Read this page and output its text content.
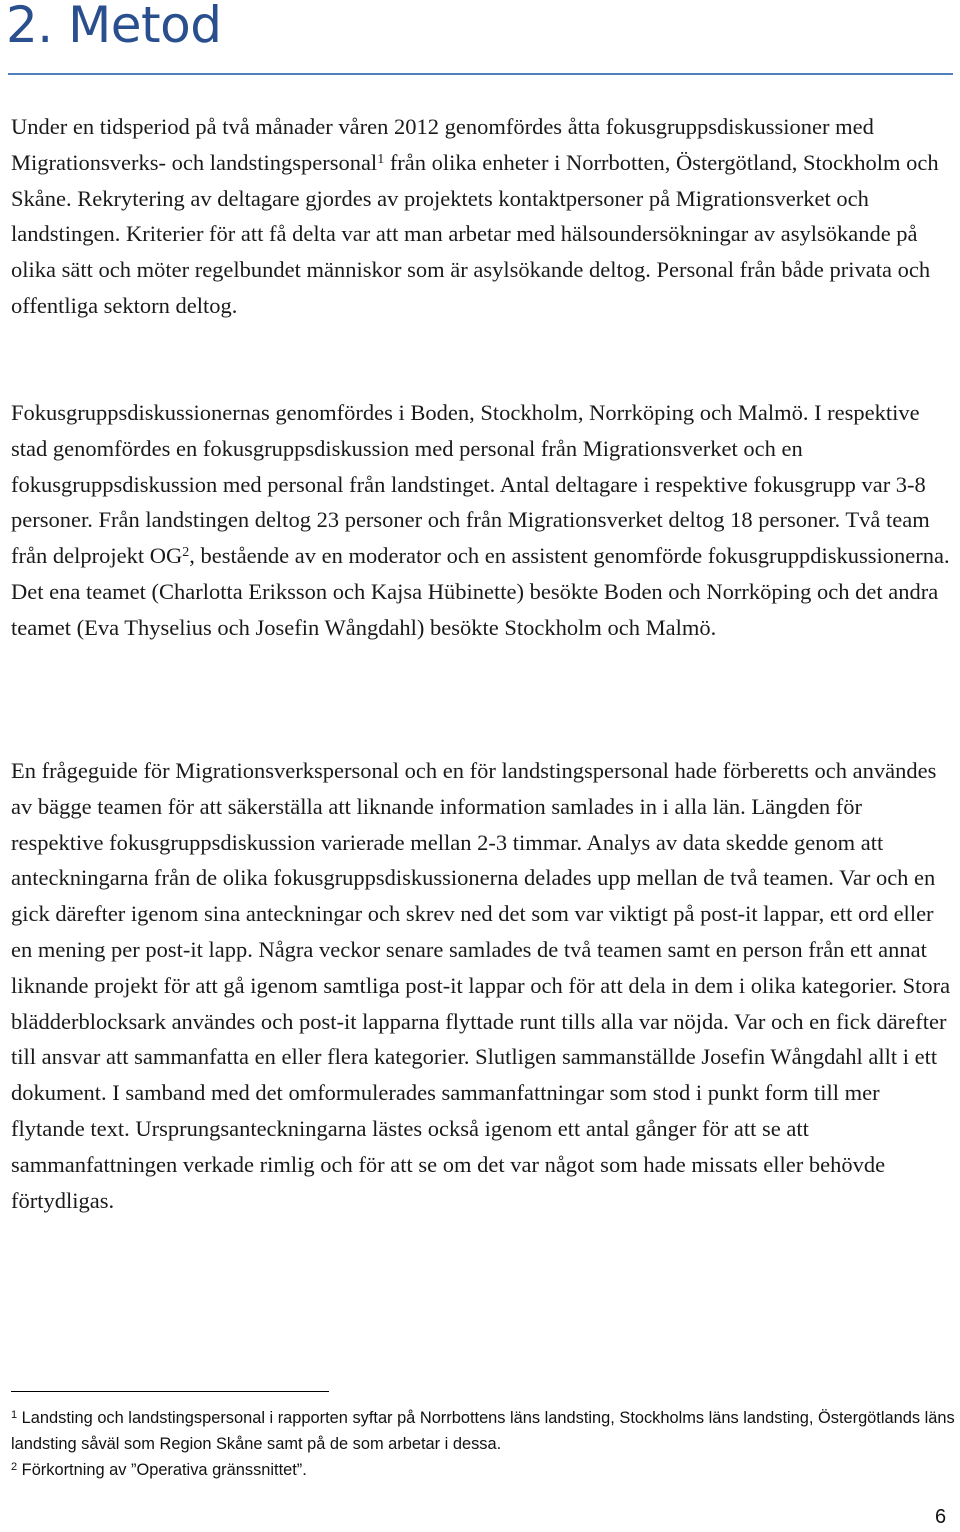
2. Metod

Under en tidsperiod på två månader våren 2012 genomfördes åtta fokusgruppsdiskussioner med Migrationsverks- och landstingspersonal$^1$ från olika enheter i Norrbotten, Östergötland, Stockholm och Skåne. Rekrytering av deltagare gjordes av projektets kontaktpersoner på Migrationsverket och landstingen. Kriterier för att få delta var att man arbetar med hälsoundersökningar av asylsökande på olika sätt och möter regelbundet människor som är asylsökande deltog. Personal från både privata och offentliga sektorn deltog.

Fokusgruppsdiskussionernas genomfördes i Boden, Stockholm, Norrköping och Malmö. I respektive stad genomfördes en fokusgruppsdiskussion med personal från Migrationsverket och en fokusgruppsdiskussion med personal från landstinget. Antal deltagare i respektive fokusgrupp var 3-8 personer. Från landstingen deltog 23 personer och från Migrationsverket deltog 18 personer. Två team från delprojekt OG$^2$, bestående av en moderator och en assistent genomförde fokusgruppdiskussionerna. Det ena teamet (Charlotta Eriksson och Kajsa Hübinette) besökte Boden och Norrköping och det andra teamet (Eva Thyselius och Josefin Wångdahl) besökte Stockholm och Malmö.

En frågeguide för Migrationsverkspersonal och en för landstingspersonal hade förberetts och användes av bägge teamen för att säkerställa att liknande information samlades in i alla län. Längden för respektive fokusgruppsdiskussion varierade mellan 2-3 timmar. Analys av data skedde genom att anteckningarna från de olika fokusgruppsdiskussionerna delades upp mellan de två teamen. Var och en gick därefter igenom sina anteckningar och skrev ned det som var viktigt på post-it lappar, ett ord eller en mening per post-it lapp. Några veckor senare samlades de två teamen samt en person från ett annat liknande projekt för att gå igenom samtliga post-it lappar och för att dela in dem i olika kategorier. Stora blädderblocksark användes och post-it lapparna flyttade runt tills alla var nöjda. Var och en fick därefter till ansvar att sammanfatta en eller flera kategorier. Slutligen sammanställde Josefin Wångdahl allt i ett dokument. I samband med det omformulerades sammanfattningar som stod i punkt form till mer flytande text. Ursprungsanteckningarna lästes också igenom ett antal gånger för att se att sammanfattningen verkade rimlig och för att se om det var något som hade missats eller behövde förtydligas.

$^1$ Landsting och landstingspersonal i rapporten syftar på Norrbottens läns landsting, Stockholms läns landsting, Östergötlands läns landsting såväl som Region Skåne samt på de som arbetar i dessa.

$^2$ Förkortning av ”Operativa gränssnittet”.

6
